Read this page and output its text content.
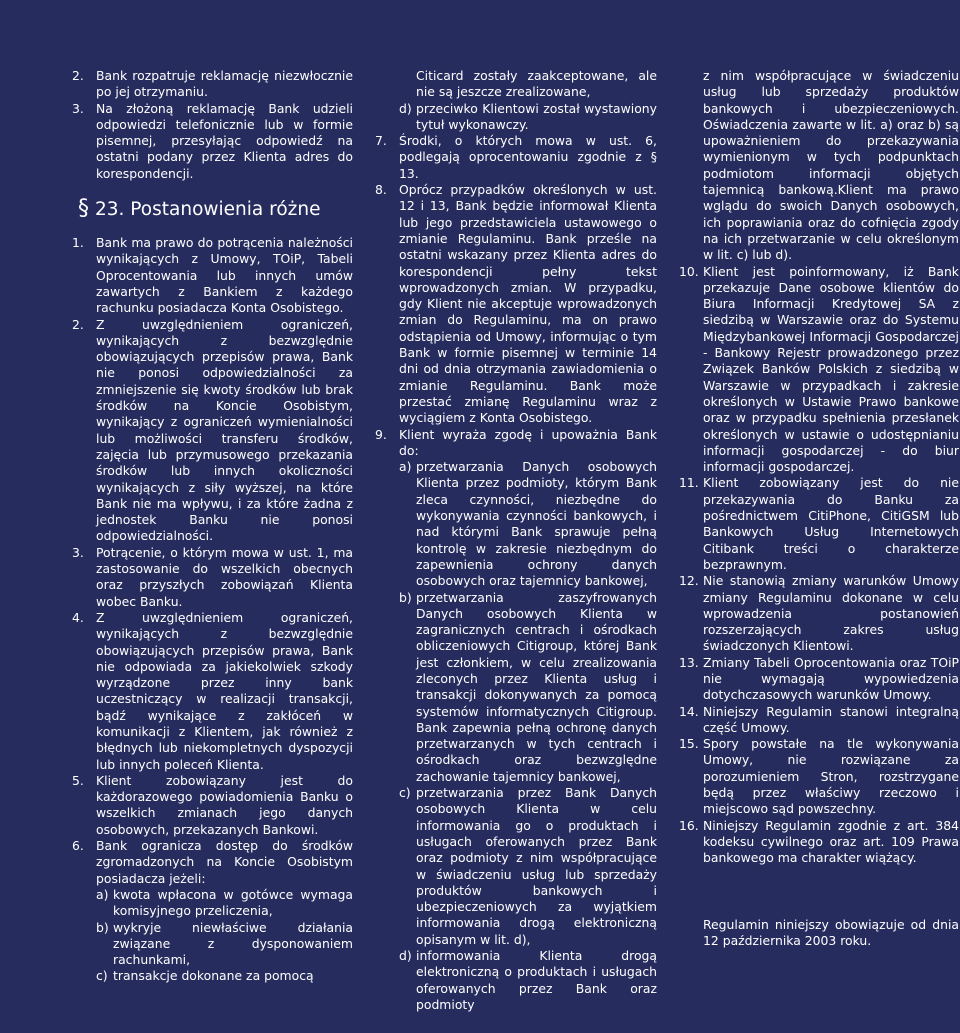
2. Bank rozpatruje reklamację niezwłocznie po jej otrzymaniu.
3. Na złożoną reklamację Bank udzieli odpowiedzi telefonicznie lub w formie pisemnej, przesyłając odpowiedź na ostatni podany przez Klienta adres do korespondencji.
§ 23. Postanowienia różne
1. Bank ma prawo do potrącenia należności wynikających z Umowy, TOiP, Tabeli Oprocentowania lub innych umów zawartych z Bankiem z każdego rachunku posiadacza Konta Osobistego.
2. Z uwzględnieniem ograniczeń, wynikających z bezwzględnie obowiązujących przepisów prawa, Bank nie ponosi odpowiedzialności za zmniejszenie się kwoty środków lub brak środków na Koncie Osobistym, wynikający z ograniczeń wymienialności lub możliwości transferu środków, zajęcia lub przymusowego przekazania środków lub innych okoliczności wynikających z siły wyższej, na które Bank nie ma wpływu, i za które żadna z jednostek Banku nie ponosi odpowiedzialności.
3. Potrącenie, o którym mowa w ust. 1, ma zastosowanie do wszelkich obecnych oraz przyszłych zobowiązań Klienta wobec Banku.
4. Z uwzględnieniem ograniczeń, wynikających z bezwzględnie obowiązujących przepisów prawa, Bank nie odpowiada za jakiekolwiek szkody wyrządzone przez inny bank uczestniczący w realizacji transakcji, bądź wynikające z zakłóceń w komunikacji z Klientem, jak również z błędnych lub niekompletnych dyspozycji lub innych poleceń Klienta.
5. Klient zobowiązany jest do każdorazowego powiadomienia Banku o wszelkich zmianach jego danych osobowych, przekazanych Bankowi.
6. Bank ogranicza dostęp do środków zgromadzonych na Koncie Osobistym posiadacza jeżeli:
a) kwota wpłacona w gotówce wymaga komisyjnego przeliczenia,
b) wykryje niewłaściwe działania związane z dysponowaniem rachunkami,
c) transakcje dokonane za pomocą
Citicard zostały zaakceptowane, ale nie są jeszcze zrealizowane,
d) przeciwko Klientowi został wystawiony tytuł wykonawczy.
7. Środki, o których mowa w ust. 6, podlegają oprocentowaniu zgodnie z § 13.
8. Oprócz przypadków określonych w ust. 12 i 13, Bank będzie informował Klienta lub jego przedstawiciela ustawowego o zmianie Regulaminu. Bank prześle na ostatni wskazany przez Klienta adres do korespondencji pełny tekst wprowadzonych zmian. W przypadku, gdy Klient nie akceptuje wprowadzonych zmian do Regulaminu, ma on prawo odstąpienia od Umowy, informując o tym Bank w formie pisemnej w terminie 14 dni od dnia otrzymania zawiadomienia o zmianie Regulaminu. Bank może przestać zmianę Regulaminu wraz z wyciągiem z Konta Osobistego.
9. Klient wyraża zgodę i upoważnia Bank do:
a) przetwarzania Danych osobowych Klienta przez podmioty, którym Bank zleca czynności, niezbędne do wykonywania czynności bankowych, i nad którymi Bank sprawuje pełną kontrolę w zakresie niezbędnym do zapewnienia ochrony danych osobowych oraz tajemnicy bankowej,
b) przetwarzania zaszyfrowanych Danych osobowych Klienta w zagranicznych centrach i ośrodkach obliczeniowych Citigroup, której Bank jest członkiem, w celu zrealizowania zleconych przez Klienta usług i transakcji dokonywanych za pomocą systemów informatycznych Citigroup. Bank zapewnia pełną ochronę danych przetwarzanych w tych centrach i ośrodkach oraz bezwzględne zachowanie tajemnicy bankowej,
c) przetwarzania przez Bank Danych osobowych Klienta w celu informowania go o produktach i usługach oferowanych przez Bank oraz podmioty z nim współpracujące w świadczeniu usług lub sprzedaży produktów bankowych i ubezpieczeniowych za wyjątkiem informowania drogą elektroniczną opisanym w lit. d),
d) informowania Klienta drogą elektroniczną o produktach i usługach oferowanych przez Bank oraz podmioty
z nim współpracujące w świadczeniu usług lub sprzedaży produktów bankowych i ubezpieczeniowych. Oświadczenia zawarte w lit. a) oraz b) są upoważnieniem do przekazywania wymienionym w tych podpunktach podmiotom informacji objętych tajemnicą bankową.Klient ma prawo wglądu do swoich Danych osobowych, ich poprawiania oraz do cofnięcia zgody na ich przetwarzanie w celu określonym w lit. c) lub d).
10. Klient jest poinformowany, iż Bank przekazuje Dane osobowe klientów do Biura Informacji Kredytowej SA z siedzibą w Warszawie oraz do Systemu Międzybankowej Informacji Gospodarczej - Bankowy Rejestr prowadzonego przez Związek Banków Polskich z siedzibą w Warszawie w przypadkach i zakresie określonych w Ustawie Prawo bankowe oraz w przypadku spełnienia przesłanek określonych w ustawie o udostępnianiu informacji gospodarczej - do biur informacji gospodarczej.
11. Klient zobowiązany jest do nie przekazywania do Banku za pośrednictwem CitiPhone, CitiGSM lub Bankowych Usług Internetowych Citibank treści o charakterze bezprawnym.
12. Nie stanowią zmiany warunków Umowy zmiany Regulaminu dokonane w celu wprowadzenia postanowień rozszerzających zakres usług świadczonych Klientowi.
13. Zmiany Tabeli Oprocentowania oraz TOiP nie wymagają wypowiedzenia dotychczasowych warunków Umowy.
14. Niniejszy Regulamin stanowi integralną część Umowy.
15. Spory powstałe na tle wykonywania Umowy, nie rozwiązane za porozumieniem Stron, rozstrzygane będą przez właściwy rzeczowo i miejscowo sąd powszechny.
16. Niniejszy Regulamin zgodnie z art. 384 kodeksu cywilnego oraz art. 109 Prawa bankowego ma charakter wiążący.
Regulamin niniejszy obowiązuje od dnia 12 października 2003 roku.
